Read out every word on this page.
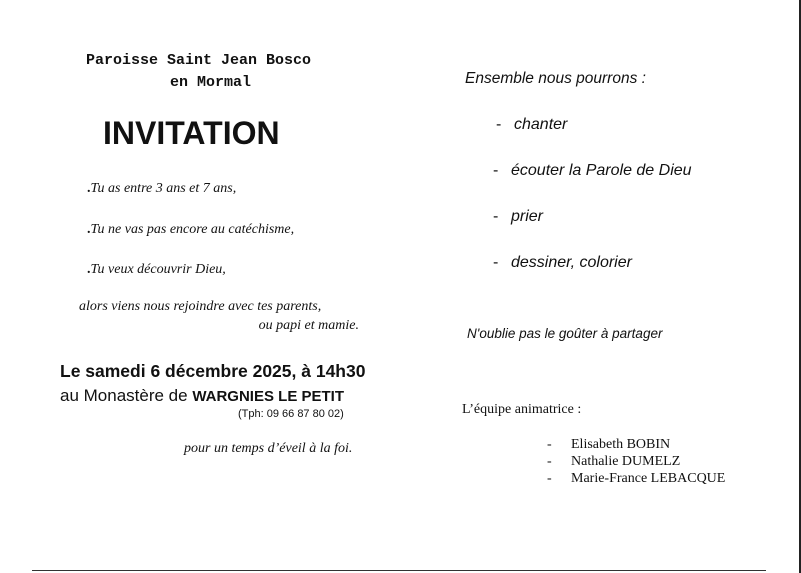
Paroisse Saint Jean Bosco
en Mormal
INVITATION
.Tu as entre 3 ans et 7 ans,
.Tu ne vas pas encore au catéchisme,
.Tu veux découvrir Dieu,
alors viens nous rejoindre avec tes parents,
ou papi et mamie.
Le samedi 6 décembre 2025, à 14h30
au Monastère de WARGNIES LE PETIT
(Tph: 09 66 87 80 02)
pour un temps d’éveil à la foi.
Ensemble nous pourrons :
- chanter
- écouter la Parole de Dieu
- prier
- dessiner, colorier
N'oublie pas le goûter à partager
L’équipe animatrice :
- Elisabeth BOBIN
- Nathalie DUMELZ
- Marie-France LEBACQUE
